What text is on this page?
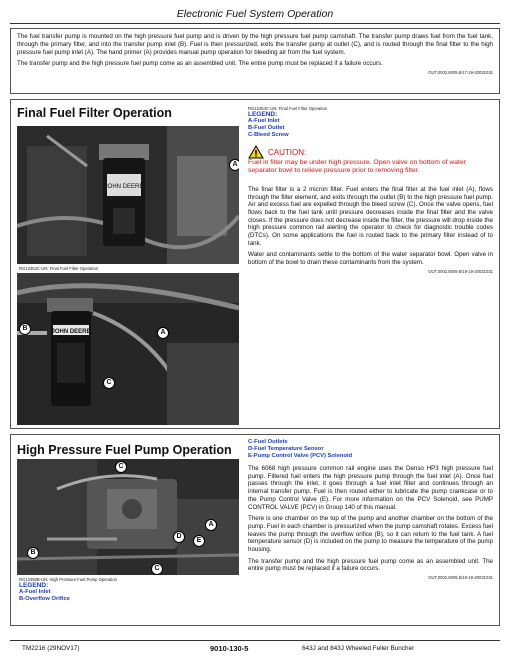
Electronic Fuel System Operation

The fuel transfer pump is mounted on the high pressure fuel pump and is driven by the high pressure fuel pump camshaft. The transfer pump draws fuel from the fuel tank, through the primary filter, and into the transfer pump inlet (B). Fuel is then pressurized, exits the transfer pump at outlet (C), and is routed through the final filter to the high pressure fuel pump inlet (A). The hand primer (A) provides manual pump operation for bleeding air from the fuel system.

The transfer pump and the high pressure fuel pump come as an assembled unit. The entire pump must be replaced if a failure occurs.

OUT,0002,8009,6/17-19-20031031
Final Fuel Filter Operation
JOHN DEERE
A
RG12454C-UN: Final Fuel Filter Operation
LEGEND:
A-Fuel Inlet
B-Fuel Outlet
C-Bleed Screw
CAUTION:
Fuel in filter may be under high pressure. Open valve on bottom of water separator bowl to relieve pressure prior to removing filter.
The final filter is a 2 micron filter. Fuel enters the final filter at the fuel inlet (A), flows through the filter element, and exits through the outlet (B) to the high pressure fuel pump. Air and excess fuel are expelled through the bleed screw (C). Once the valve opens, fuel flows back to the fuel tank until pressure decreases inside the final filter and the valve closes. If the pressure does not decrease inside the filter, the pressure will drop inside the high pressure common rail alerting the operator to check for diagnostic trouble codes (DTCs). On some applications the fuel is routed back to the primary filter instead of to tank.
Water and contaminants settle to the bottom of the water separator bowl. Open valve in bottom of the bowl to drain these contaminants from the system.
OUT,0002,8009,8/19-19-20031031
RG12452C-UN: Final Fuel Filter Operation
JOHN DEERE
B
C
A
High Pressure Fuel Pump Operation
C
A
B
D
E
C
RG12450B-UN: High Pressure Fuel Pump Operation
LEGEND:
A-Fuel Inlet
B-Overflow Orifice
C-Fuel Outlets
D-Fuel Temperature Sensor
E-Pump Control Valve (PCV) Solenoid
The 6068 high pressure common rail engine uses the Denso HP3 high pressure fuel pump. Filtered fuel enters the high pressure pump through the fuel inlet (A). Once fuel passes through the inlet, it goes through a fuel inlet filter and continues through an internal transfer pump. Fuel is then routed either to lubricate the pump crankcase or to the Pump Control Valve (E). For more information on the PCV Solenoid, see PUMP CONTROL VALVE (PCV) in Group 140 of this manual.
There is one chamber on the top of the pump and another chamber on the bottom of the pump. Fuel in each chamber is pressurized when the pump camshaft rotates. Excess fuel leaves the pump through the overflow orifice (B), so it can return to the fuel tank. A fuel temperature sensor (D) is included on the pump to measure the temperature of the pump housing.
The transfer pump and the high pressure fuel pump come as an assembled unit. The entire pump must be replaced if a failure occurs.
OUT,0002,8009,6/19-19-20031031
TM2216 (29NOV17)	9010-130-5	643J and 843J Wheeled Feller Buncher
